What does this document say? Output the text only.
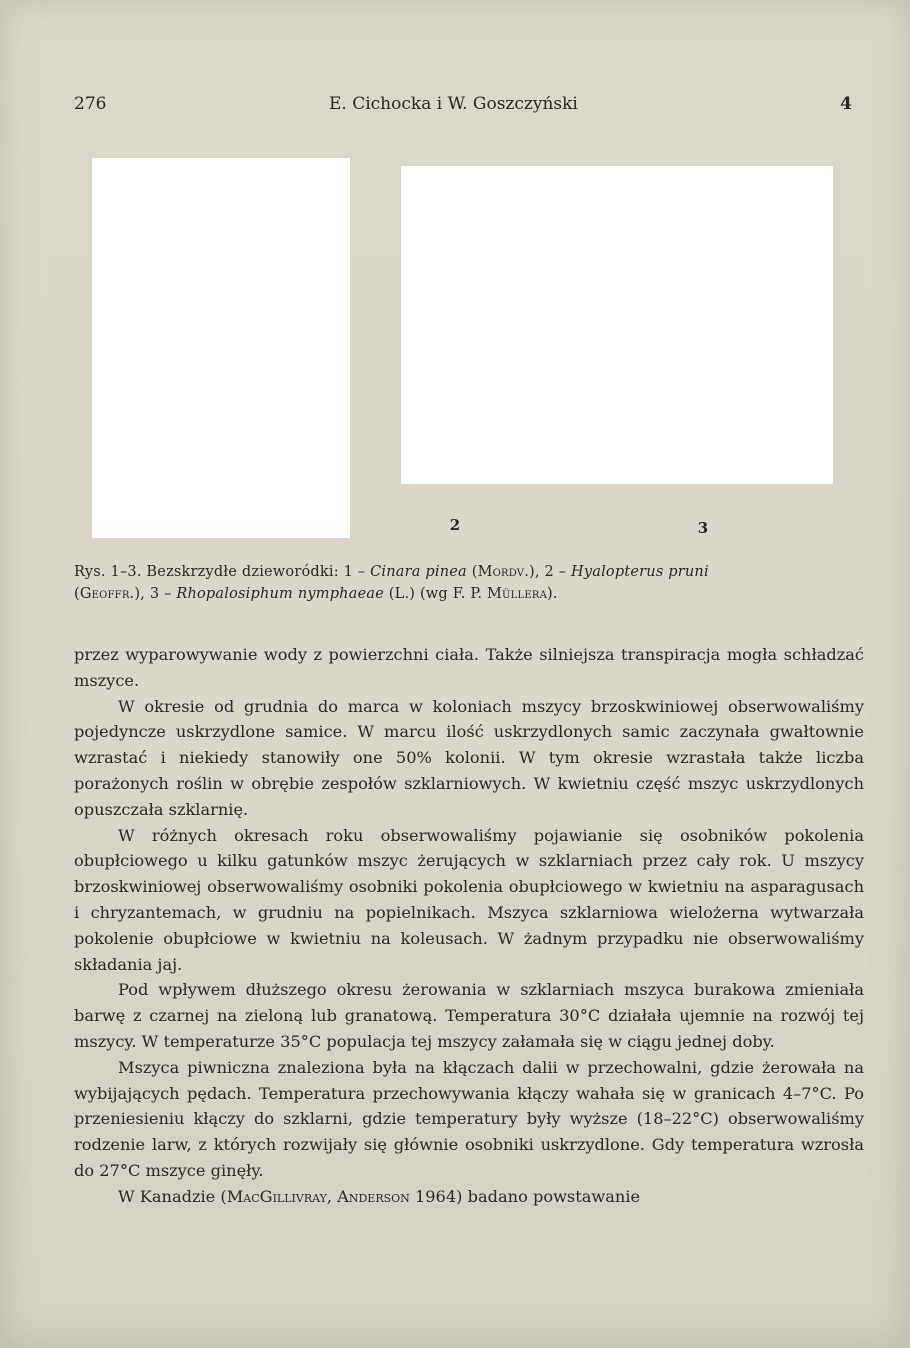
276	E. Cichocka i W. Goszczyński	4
2	3
Rys. 1–3. Bezskrzydłe dzieworódki: 1 – Cinara pinea (Mordv.), 2 – Hyalopterus pruni
(Geoffr.), 3 – Rhopalosiphum nymphaeae (L.) (wg F. P. Müllera).

przez wyparowywanie wody z powierzchni ciała. Także silniejsza transpiracja mogła schładzać mszyce.

W okresie od grudnia do marca w koloniach mszycy brzoskwiniowej obserwowaliśmy pojedyncze uskrzydlone samice. W marcu ilość uskrzydlonych samic zaczynała gwałtownie wzrastać i niekiedy stanowiły one 50% kolonii. W tym okresie wzrastała także liczba porażonych roślin w obrębie zespołów szklarniowych. W kwietniu część mszyc uskrzydlonych opuszczała szklarnię.

W różnych okresach roku obserwowaliśmy pojawianie się osobników pokolenia obupłciowego u kilku gatunków mszyc żerujących w szklarniach przez cały rok. U mszycy brzoskwiniowej obserwowaliśmy osobniki pokolenia obupłciowego w kwietniu na asparagusach i chryzantemach, w grudniu na popielnikach. Mszyca szklarniowa wielożerna wytwarzała pokolenie obupłciowe w kwietniu na koleusach. W żadnym przypadku nie obserwowaliśmy składania jaj.

Pod wpływem dłuższego okresu żerowania w szklarniach mszyca burakowa zmieniała barwę z czarnej na zieloną lub granatową. Temperatura 30°C działała ujemnie na rozwój tej mszycy. W temperaturze 35°C populacja tej mszycy załamała się w ciągu jednej doby.

Mszyca piwniczna znaleziona była na kłączach dalii w przechowalni, gdzie żerowała na wybijających pędach. Temperatura przechowywania kłączy wahała się w granicach 4–7°C. Po przeniesieniu kłączy do szklarni, gdzie temperatury były wyższe (18–22°C) obserwowaliśmy rodzenie larw, z których rozwijały się głównie osobniki uskrzydlone. Gdy temperatura wzrosła do 27°C mszyce ginęły.

W Kanadzie (MacGillivray, Anderson 1964) badano powstawanie
